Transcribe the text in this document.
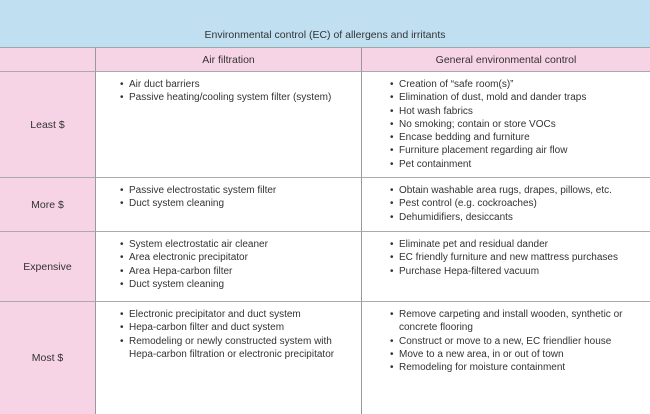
Environmental control (EC) of allergens and irritants
Air filtration	General environmental control
Least $
• Air duct barriers
• Passive heating/cooling system filter (system)
• Creation of “safe room(s)”
• Elimination of dust, mold and dander traps
• Hot wash fabrics
• No smoking; contain or store VOCs
• Encase bedding and furniture
• Furniture placement regarding air flow
• Pet containment
More $
• Passive electrostatic system filter
• Duct system cleaning
• Obtain washable area rugs, drapes, pillows, etc.
• Pest control (e.g. cockroaches)
• Dehumidifiers, desiccants
Expensive
• System electrostatic air cleaner
• Area electronic precipitator
• Area Hepa-carbon filter
• Duct system cleaning
• Eliminate pet and residual dander
• EC friendly furniture and new mattress purchases
• Purchase Hepa-filtered vacuum
Most $
• Electronic precipitator and duct system
• Hepa-carbon filter and duct system
• Remodeling or newly constructed system with Hepa-carbon filtration or electronic precipitator
• Remove carpeting and install wooden, synthetic or concrete flooring
• Construct or move to a new, EC friendlier house
• Move to a new area, in or out of town
• Remodeling for moisture containment
